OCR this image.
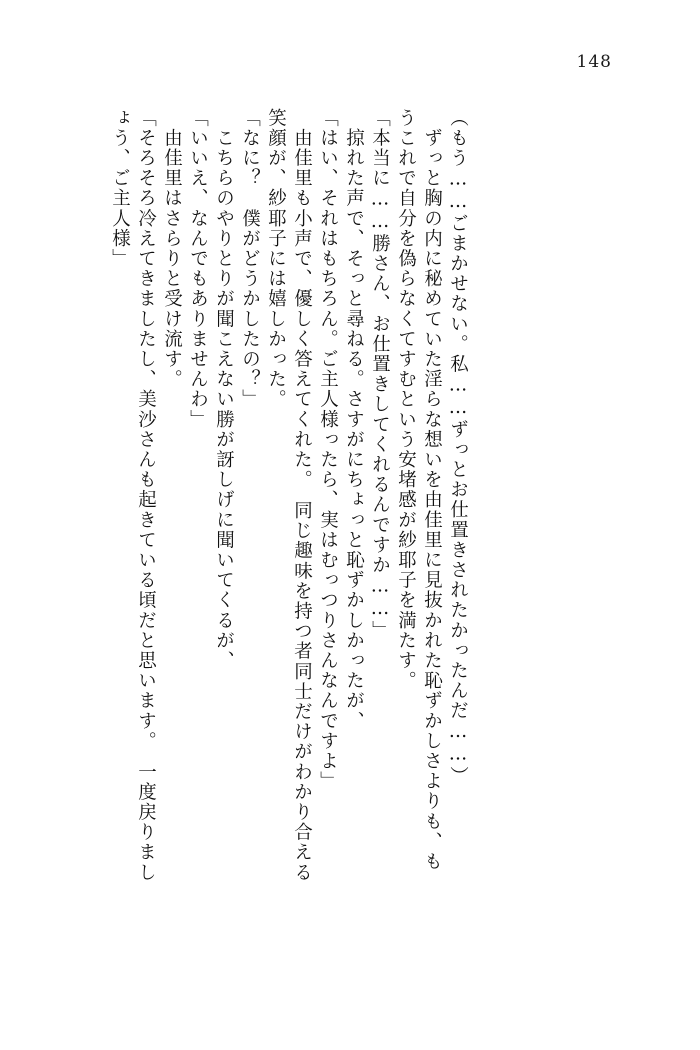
148
（もう……ごまかせない。私……ずっとお仕置きされたかったんだ……）
　ずっと胸の内に秘めていた淫らな想いを由佳里に見抜かれた恥ずかしさよりも、も
うこれで自分を偽らなくてすむという安堵感が紗耶子を満たす。
「本当に……勝さん、お仕置きしてくれるんですか……」
　掠れた声で、そっと尋ねる。さすがにちょっと恥ずかしかったが、
「はい、それはもちろん。ご主人様ったら、実はむっつりさんなんですよ」
　由佳里も小声で、優しく答えてくれた。　同じ趣味を持つ者同士だけがわかり合える
笑顔が、紗耶子には嬉しかった。
「なに？　僕がどうかしたの？」
　こちらのやりとりが聞こえない勝が訝しげに聞いてくるが、
「いいえ、なんでもありませんわ」
　由佳里はさらりと受け流す。
「そろそろ冷えてきましたし、美沙さんも起きている頃だと思います。　一度戻りまし
ょう、ご主人様」
